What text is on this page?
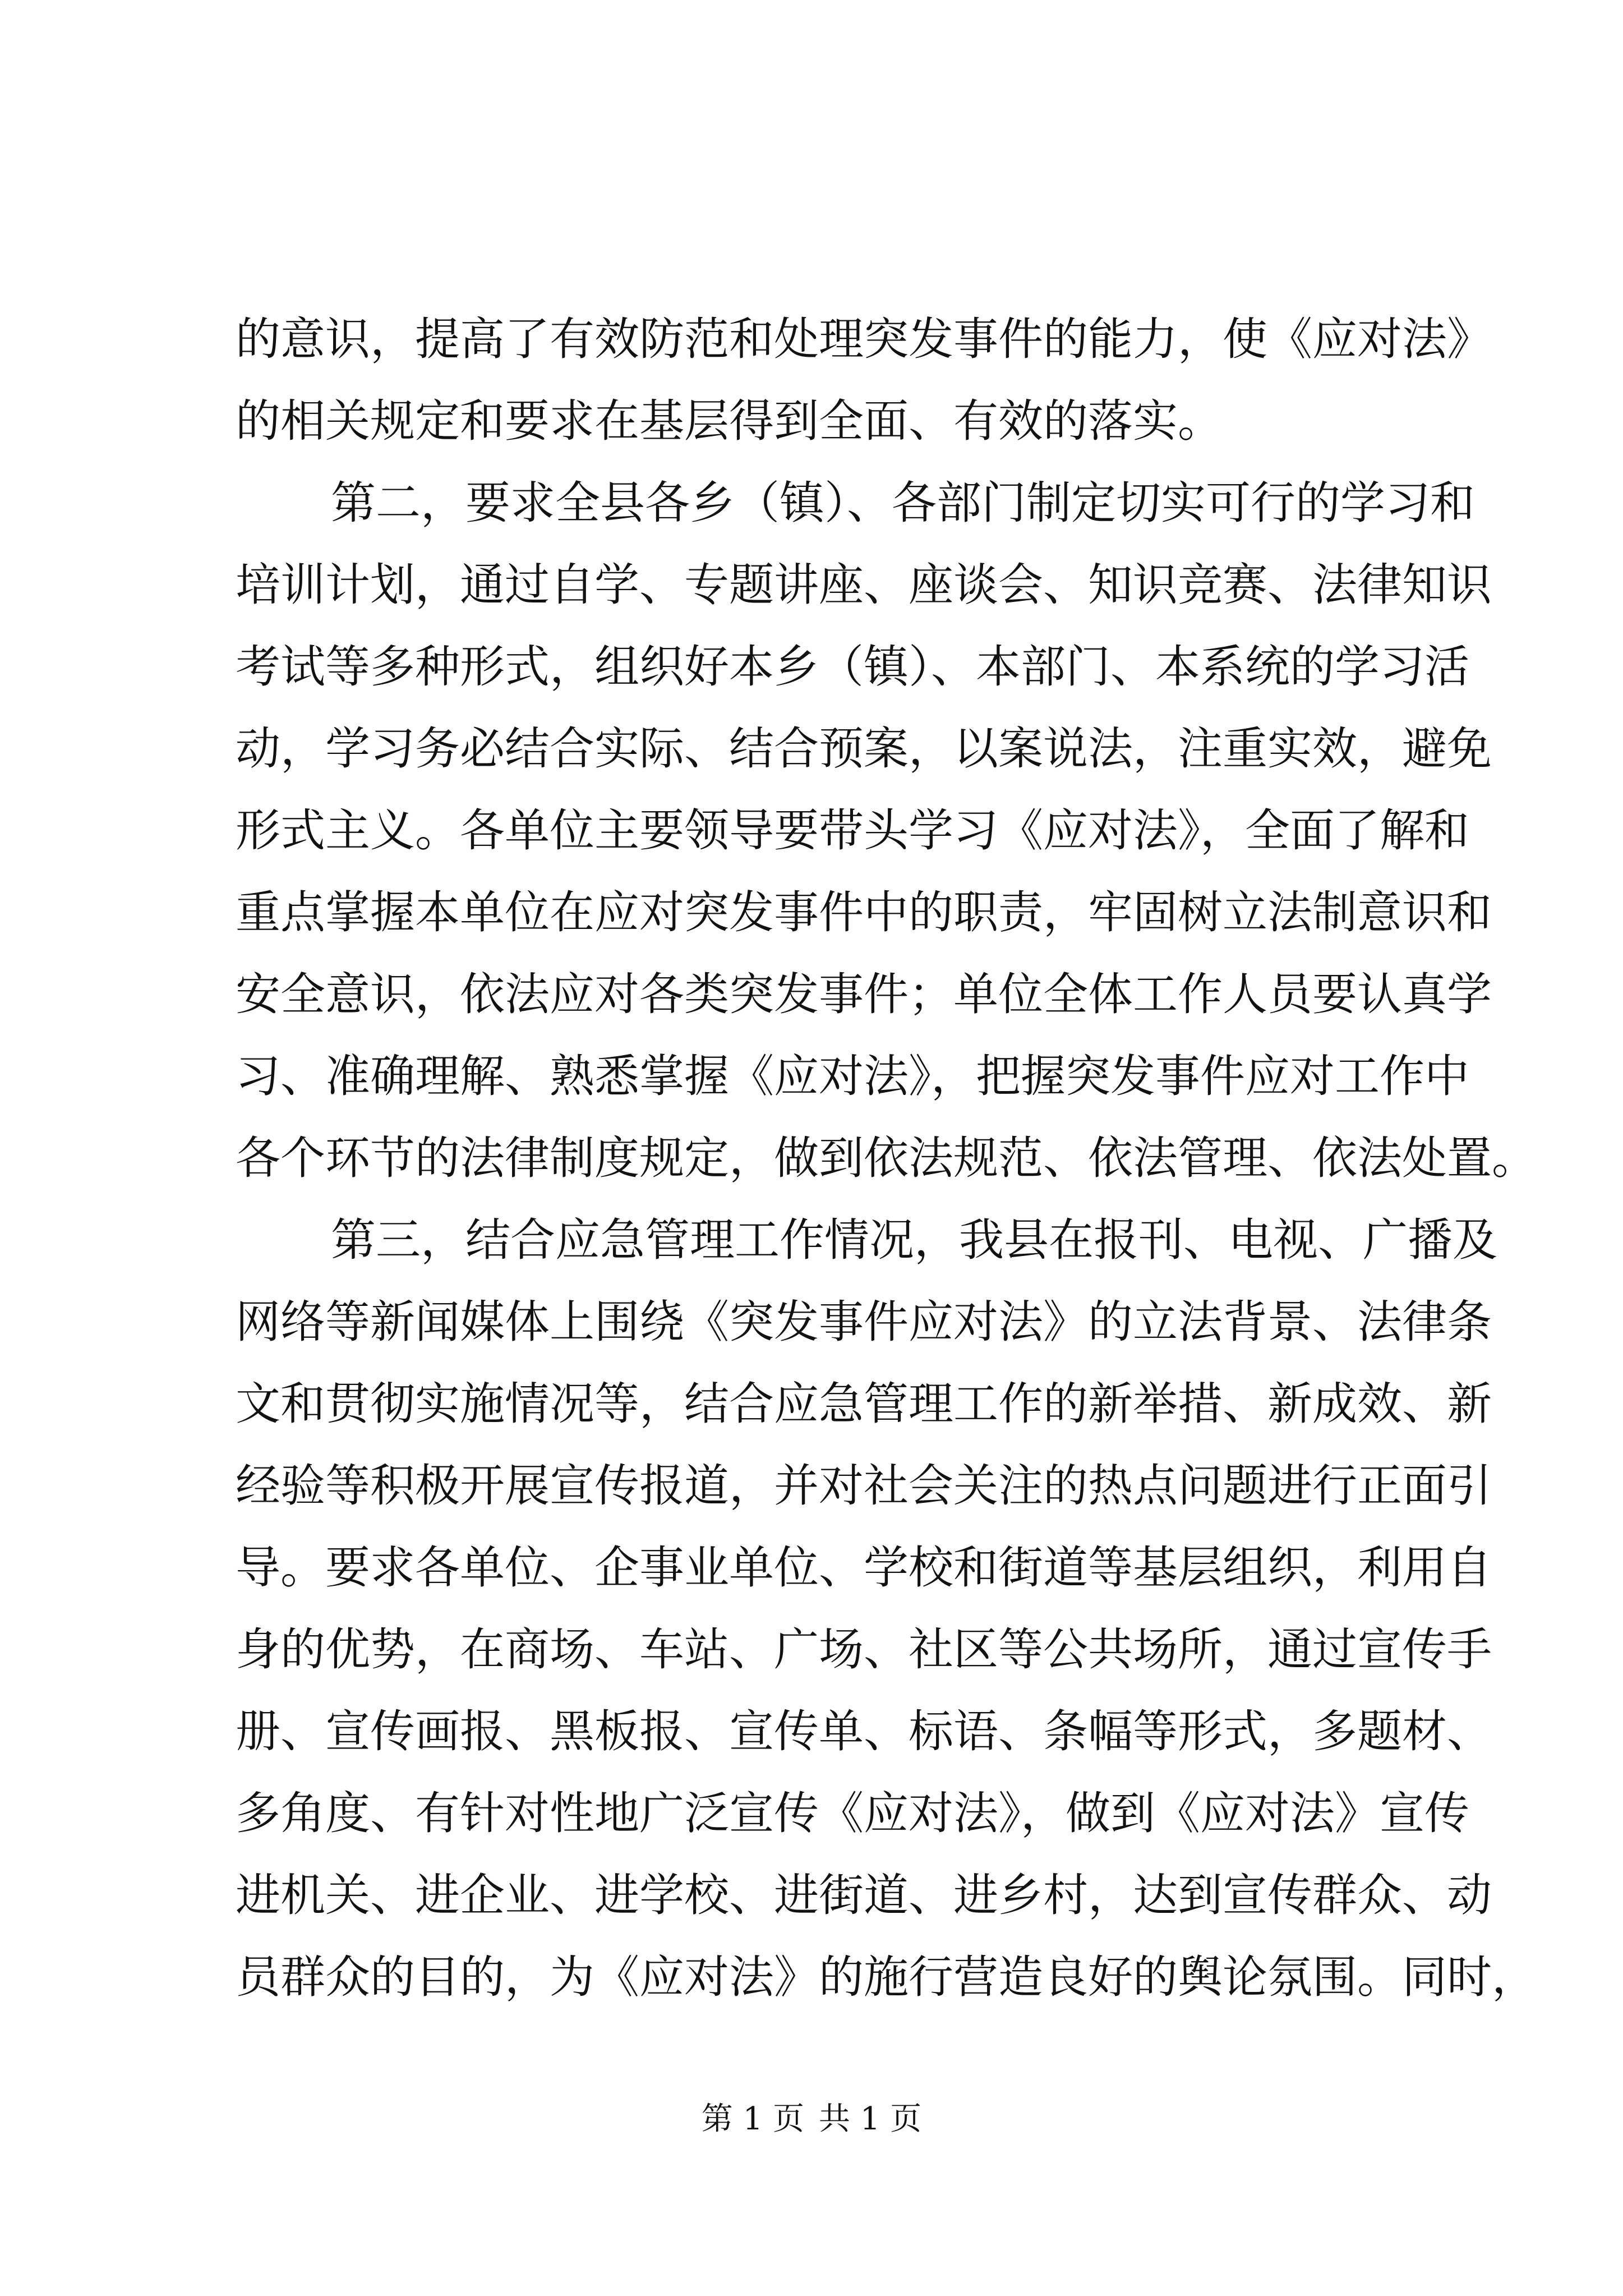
的意识，提高了有效防范和处理突发事件的能力，使《应对法》
的相关规定和要求在基层得到全面、有效的落实。
第二，要求全县各乡（镇）、各部门制定切实可行的学习和
培训计划，通过自学、专题讲座、座谈会、知识竞赛、法律知识
考试等多种形式，组织好本乡（镇）、本部门、本系统的学习活
动，学习务必结合实际、结合预案，以案说法，注重实效，避免
形式主义。各单位主要领导要带头学习《应对法》，全面了解和
重点掌握本单位在应对突发事件中的职责，牢固树立法制意识和
安全意识，依法应对各类突发事件；单位全体工作人员要认真学
习、准确理解、熟悉掌握《应对法》，把握突发事件应对工作中
各个环节的法律制度规定，做到依法规范、依法管理、依法处置。
第三，结合应急管理工作情况，我县在报刊、电视、广播及
网络等新闻媒体上围绕《突发事件应对法》的立法背景、法律条
文和贯彻实施情况等，结合应急管理工作的新举措、新成效、新
经验等积极开展宣传报道，并对社会关注的热点问题进行正面引
导。要求各单位、企事业单位、学校和街道等基层组织，利用自
身的优势，在商场、车站、广场、社区等公共场所，通过宣传手
册、宣传画报、黑板报、宣传单、标语、条幅等形式，多题材、
多角度、有针对性地广泛宣传《应对法》，做到《应对法》宣传
进机关、进企业、进学校、进街道、进乡村，达到宣传群众、动
员群众的目的，为《应对法》的施行营造良好的舆论氛围。同时，
第 1 页 共 1 页
